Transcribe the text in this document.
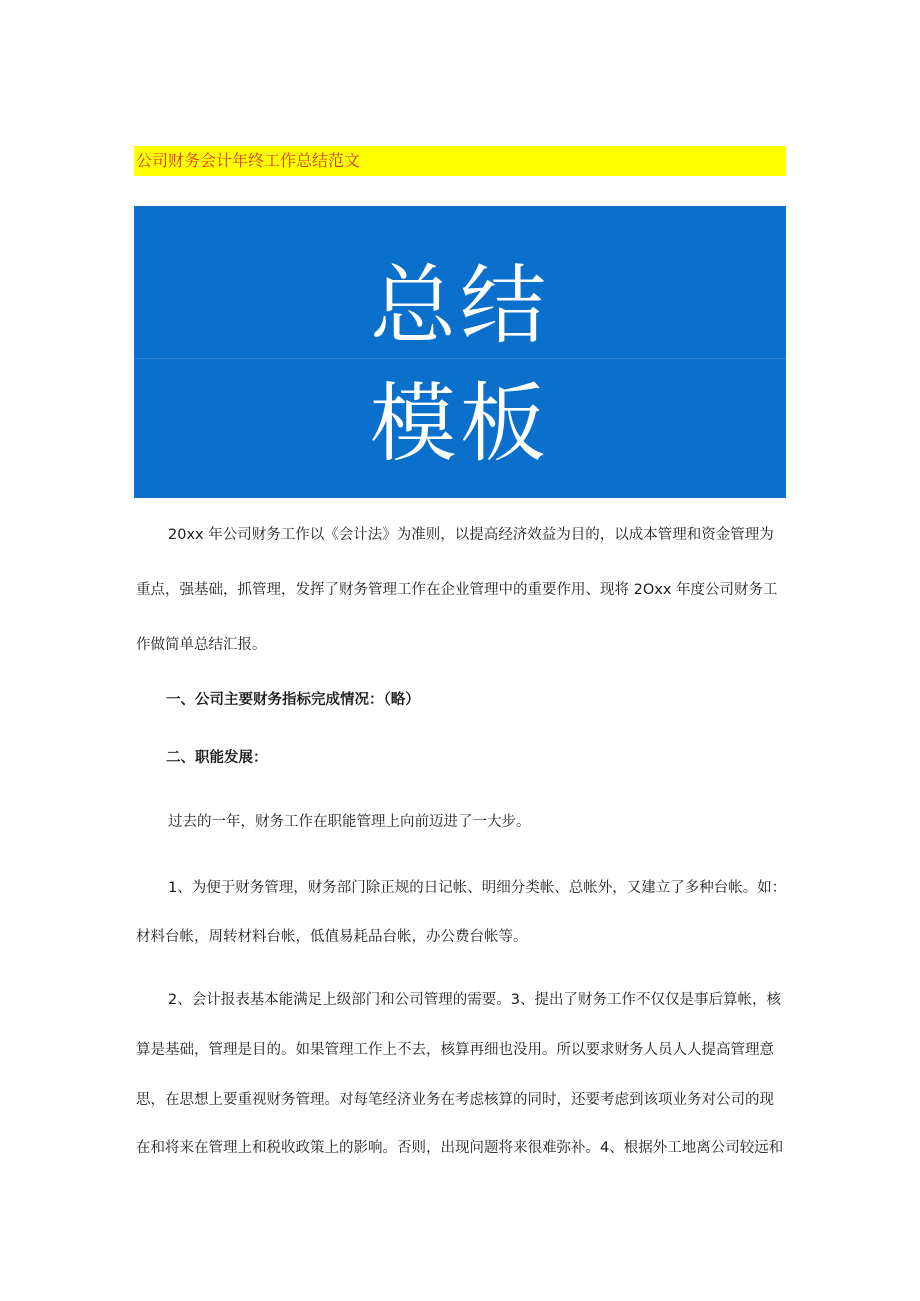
公司财务会计年终工作总结范文
总结
模板
20xx 年公司财务工作以《会计法》为准则，以提高经济效益为目的，以成本管理和资金管理为
重点，强基础，抓管理，发挥了财务管理工作在企业管理中的重要作用、现将 2Oxx 年度公司财务工
作做简单总结汇报。
一、公司主要财务指标完成情况：（略）
二、职能发展：
过去的一年，财务工作在职能管理上向前迈进了一大步。
1、为便于财务管理，财务部门除正规的日记帐、明细分类帐、总帐外，又建立了多种台帐。如：
材料台帐，周转材料台帐，低值易耗品台帐，办公费台帐等。
2、会计报表基本能满足上级部门和公司管理的需要。3、提出了财务工作不仅仅是事后算帐，核
算是基础，管理是目的。如果管理工作上不去，核算再细也没用。所以要求财务人员人人提高管理意
思，在思想上要重视财务管理。对每笔经济业务在考虑核算的同时，还要考虑到该项业务对公司的现
在和将来在管理上和税收政策上的影响。否则，出现问题将来很难弥补。4、根据外工地离公司较远和
